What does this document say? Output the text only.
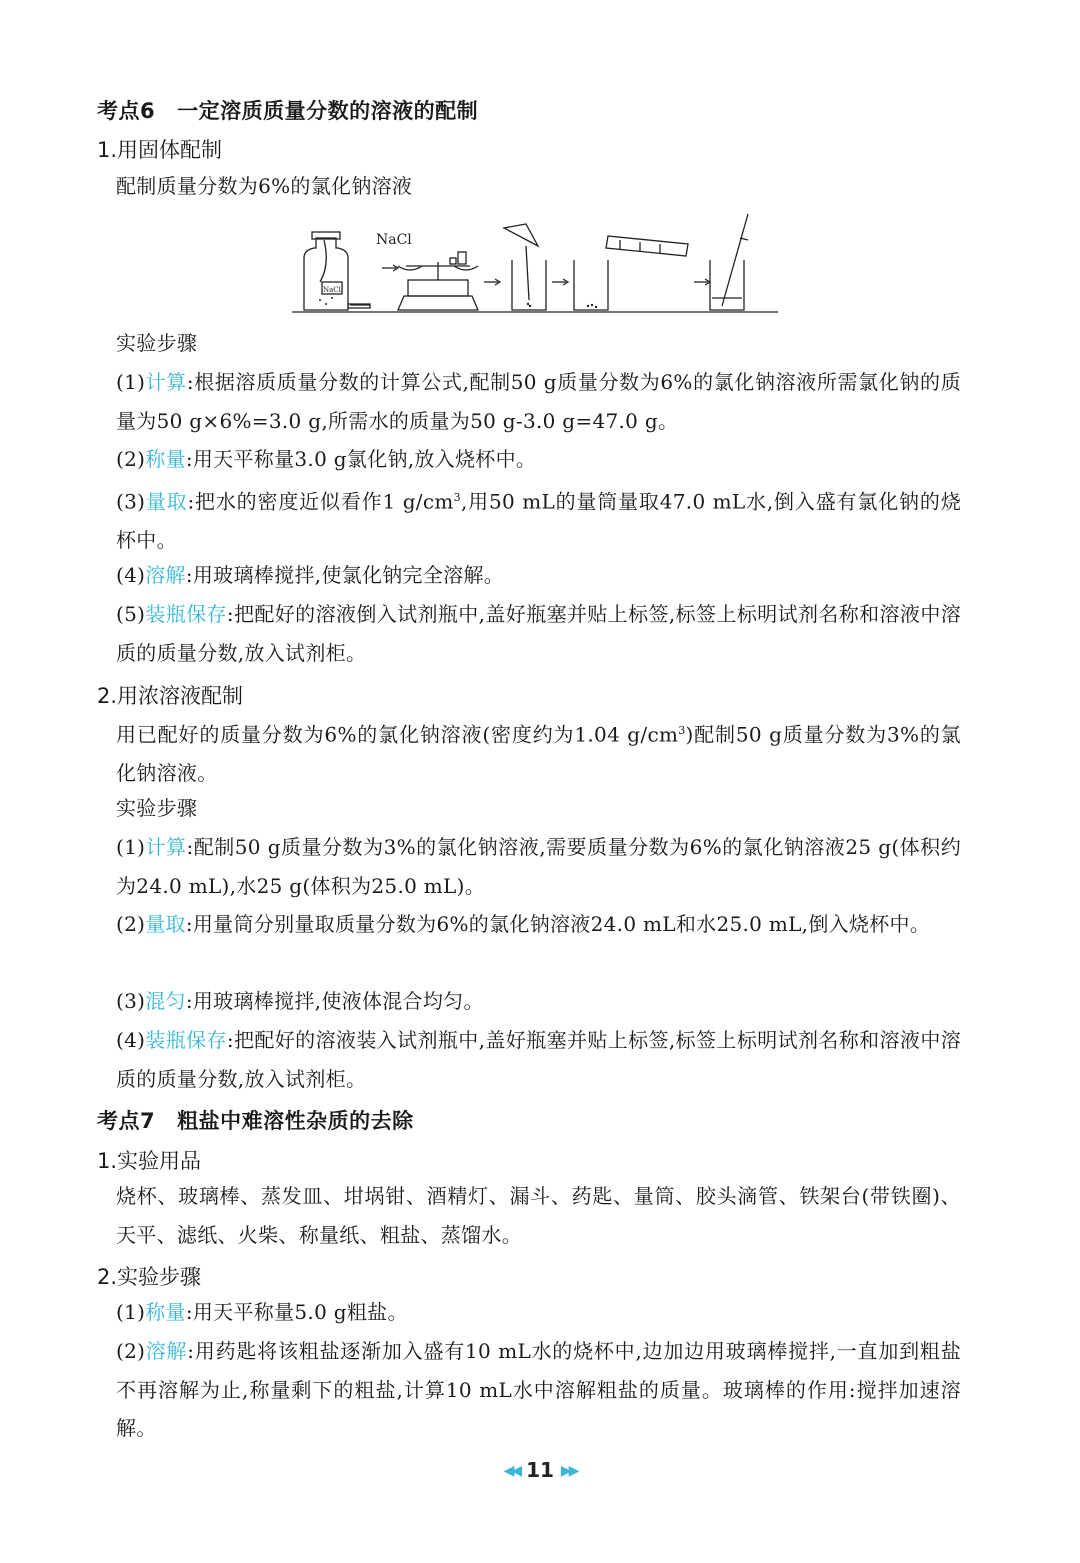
考点6 一定溶质质量分数的溶液的配制
1.用固体配制
配制质量分数为6%的氯化钠溶液
NaCl
NaCl
实验步骤
(1)计算:根据溶质质量分数的计算公式,配制50 g质量分数为6%的氯化钠溶液所需氯化钠的质量为50 g×6%=3.0 g,所需水的质量为50 g-3.0 g=47.0 g。
(2)称量:用天平称量3.0 g氯化钠,放入烧杯中。
(3)量取:把水的密度近似看作1 $g/cm^3$,用50 mL的量筒量取47.0 mL水,倒入盛有氯化钠的烧杯中。
(4)溶解:用玻璃棒搅拌,使氯化钠完全溶解。
(5)装瓶保存:把配好的溶液倒入试剂瓶中,盖好瓶塞并贴上标签,标签上标明试剂名称和溶液中溶质的质量分数,放入试剂柜。
2.用浓溶液配制
用已配好的质量分数为6%的氯化钠溶液(密度约为1.04 $g/cm^3$)配制50 g质量分数为3%的氯化钠溶液。
实验步骤
(1)计算:配制50 g质量分数为3%的氯化钠溶液,需要质量分数为6%的氯化钠溶液25 g(体积约为24.0 mL),水25 g(体积为25.0 mL)。
(2)量取:用量筒分别量取质量分数为6%的氯化钠溶液24.0 mL和水25.0 mL,倒入烧杯中。
(3)混匀:用玻璃棒搅拌,使液体混合均匀。
(4)装瓶保存:把配好的溶液装入试剂瓶中,盖好瓶塞并贴上标签,标签上标明试剂名称和溶液中溶质的质量分数,放入试剂柜。
考点7 粗盐中难溶性杂质的去除
1.实验用品
烧杯、玻璃棒、蒸发皿、坩埚钳、酒精灯、漏斗、药匙、量筒、胶头滴管、铁架台(带铁圈)、天平、滤纸、火柴、称量纸、粗盐、蒸馏水。
2.实验步骤
(1)称量:用天平称量5.0 g粗盐。
(2)溶解:用药匙将该粗盐逐渐加入盛有10 mL水的烧杯中,边加边用玻璃棒搅拌,一直加到粗盐不再溶解为止,称量剩下的粗盐,计算10 mL水中溶解粗盐的质量。玻璃棒的作用:搅拌加速溶解。
◀◀ 11 ▶▶
